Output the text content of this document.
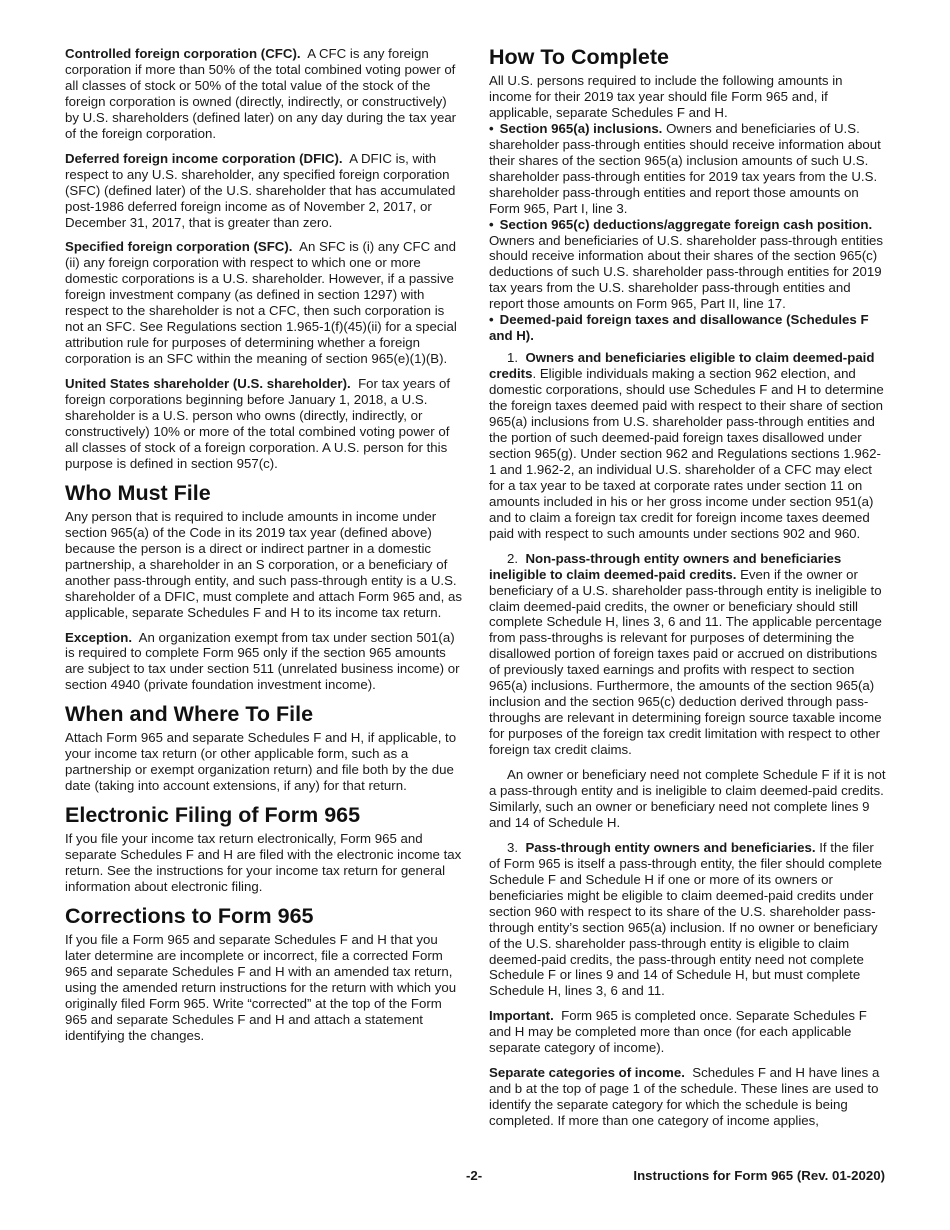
Controlled foreign corporation (CFC). A CFC is any foreign corporation if more than 50% of the total combined voting power of all classes of stock or 50% of the total value of the stock of the foreign corporation is owned (directly, indirectly, or constructively) by U.S. shareholders (defined later) on any day during the tax year of the foreign corporation.

Deferred foreign income corporation (DFIC). A DFIC is, with respect to any U.S. shareholder, any specified foreign corporation (SFC) (defined later) of the U.S. shareholder that has accumulated post-1986 deferred foreign income as of November 2, 2017, or December 31, 2017, that is greater than zero.

Specified foreign corporation (SFC). An SFC is (i) any CFC and (ii) any foreign corporation with respect to which one or more domestic corporations is a U.S. shareholder. However, if a passive foreign investment company (as defined in section 1297) with respect to the shareholder is not a CFC, then such corporation is not an SFC. See Regulations section 1.965-1(f)(45)(ii) for a special attribution rule for purposes of determining whether a foreign corporation is an SFC within the meaning of section 965(e)(1)(B).

United States shareholder (U.S. shareholder). For tax years of foreign corporations beginning before January 1, 2018, a U.S. shareholder is a U.S. person who owns (directly, indirectly, or constructively) 10% or more of the total combined voting power of all classes of stock of a foreign corporation. A U.S. person for this purpose is defined in section 957(c).

Who Must File

Any person that is required to include amounts in income under section 965(a) of the Code in its 2019 tax year (defined above) because the person is a direct or indirect partner in a domestic partnership, a shareholder in an S corporation, or a beneficiary of another pass-through entity, and such pass-through entity is a U.S. shareholder of a DFIC, must complete and attach Form 965 and, as applicable, separate Schedules F and H to its income tax return.

Exception. An organization exempt from tax under section 501(a) is required to complete Form 965 only if the section 965 amounts are subject to tax under section 511 (unrelated business income) or section 4940 (private foundation investment income).

When and Where To File

Attach Form 965 and separate Schedules F and H, if applicable, to your income tax return (or other applicable form, such as a partnership or exempt organization return) and file both by the due date (taking into account extensions, if any) for that return.

Electronic Filing of Form 965

If you file your income tax return electronically, Form 965 and separate Schedules F and H are filed with the electronic income tax return. See the instructions for your income tax return for general information about electronic filing.

Corrections to Form 965

If you file a Form 965 and separate Schedules F and H that you later determine are incomplete or incorrect, file a corrected Form 965 and separate Schedules F and H with an amended tax return, using the amended return instructions for the return with which you originally filed Form 965. Write “corrected” at the top of the Form 965 and separate Schedules F and H and attach a statement identifying the changes.

How To Complete

All U.S. persons required to include the following amounts in income for their 2019 tax year should file Form 965 and, if applicable, separate Schedules F and H.

• Section 965(a) inclusions. Owners and beneficiaries of U.S. shareholder pass-through entities should receive information about their shares of the section 965(a) inclusion amounts of such U.S. shareholder pass-through entities for 2019 tax years from the U.S. shareholder pass-through entities and report those amounts on Form 965, Part I, line 3.

• Section 965(c) deductions/aggregate foreign cash position. Owners and beneficiaries of U.S. shareholder pass-through entities should receive information about their shares of the section 965(c) deductions of such U.S. shareholder pass-through entities for 2019 tax years from the U.S. shareholder pass-through entities and report those amounts on Form 965, Part II, line 17.

• Deemed-paid foreign taxes and disallowance (Schedules F and H).

1. Owners and beneficiaries eligible to claim deemed-paid credits. Eligible individuals making a section 962 election, and domestic corporations, should use Schedules F and H to determine the foreign taxes deemed paid with respect to their share of section 965(a) inclusions from U.S. shareholder pass-through entities and the portion of such deemed-paid foreign taxes disallowed under section 965(g). Under section 962 and Regulations sections 1.962-1 and 1.962-2, an individual U.S. shareholder of a CFC may elect for a tax year to be taxed at corporate rates under section 11 on amounts included in his or her gross income under section 951(a) and to claim a foreign tax credit for foreign income taxes deemed paid with respect to such amounts under sections 902 and 960.

2. Non-pass-through entity owners and beneficiaries ineligible to claim deemed-paid credits. Even if the owner or beneficiary of a U.S. shareholder pass-through entity is ineligible to claim deemed-paid credits, the owner or beneficiary should still complete Schedule H, lines 3, 6 and 11. The applicable percentage from pass-throughs is relevant for purposes of determining the disallowed portion of foreign taxes paid or accrued on distributions of previously taxed earnings and profits with respect to section 965(a) inclusions. Furthermore, the amounts of the section 965(a) inclusion and the section 965(c) deduction derived through pass-throughs are relevant in determining foreign source taxable income for purposes of the foreign tax credit limitation with respect to other foreign tax credit claims.

An owner or beneficiary need not complete Schedule F if it is not a pass-through entity and is ineligible to claim deemed-paid credits. Similarly, such an owner or beneficiary need not complete lines 9 and 14 of Schedule H.

3. Pass-through entity owners and beneficiaries. If the filer of Form 965 is itself a pass-through entity, the filer should complete Schedule F and Schedule H if one or more of its owners or beneficiaries might be eligible to claim deemed-paid credits under section 960 with respect to its share of the U.S. shareholder pass-through entity’s section 965(a) inclusion. If no owner or beneficiary of the U.S. shareholder pass-through entity is eligible to claim deemed-paid credits, the pass-through entity need not complete Schedule F or lines 9 and 14 of Schedule H, but must complete Schedule H, lines 3, 6 and 11.

Important. Form 965 is completed once. Separate Schedules F and H may be completed more than once (for each applicable separate category of income).

Separate categories of income. Schedules F and H have lines a and b at the top of page 1 of the schedule. These lines are used to identify the separate category for which the schedule is being completed. If more than one category of income applies,

-2-	Instructions for Form 965 (Rev. 01-2020)
